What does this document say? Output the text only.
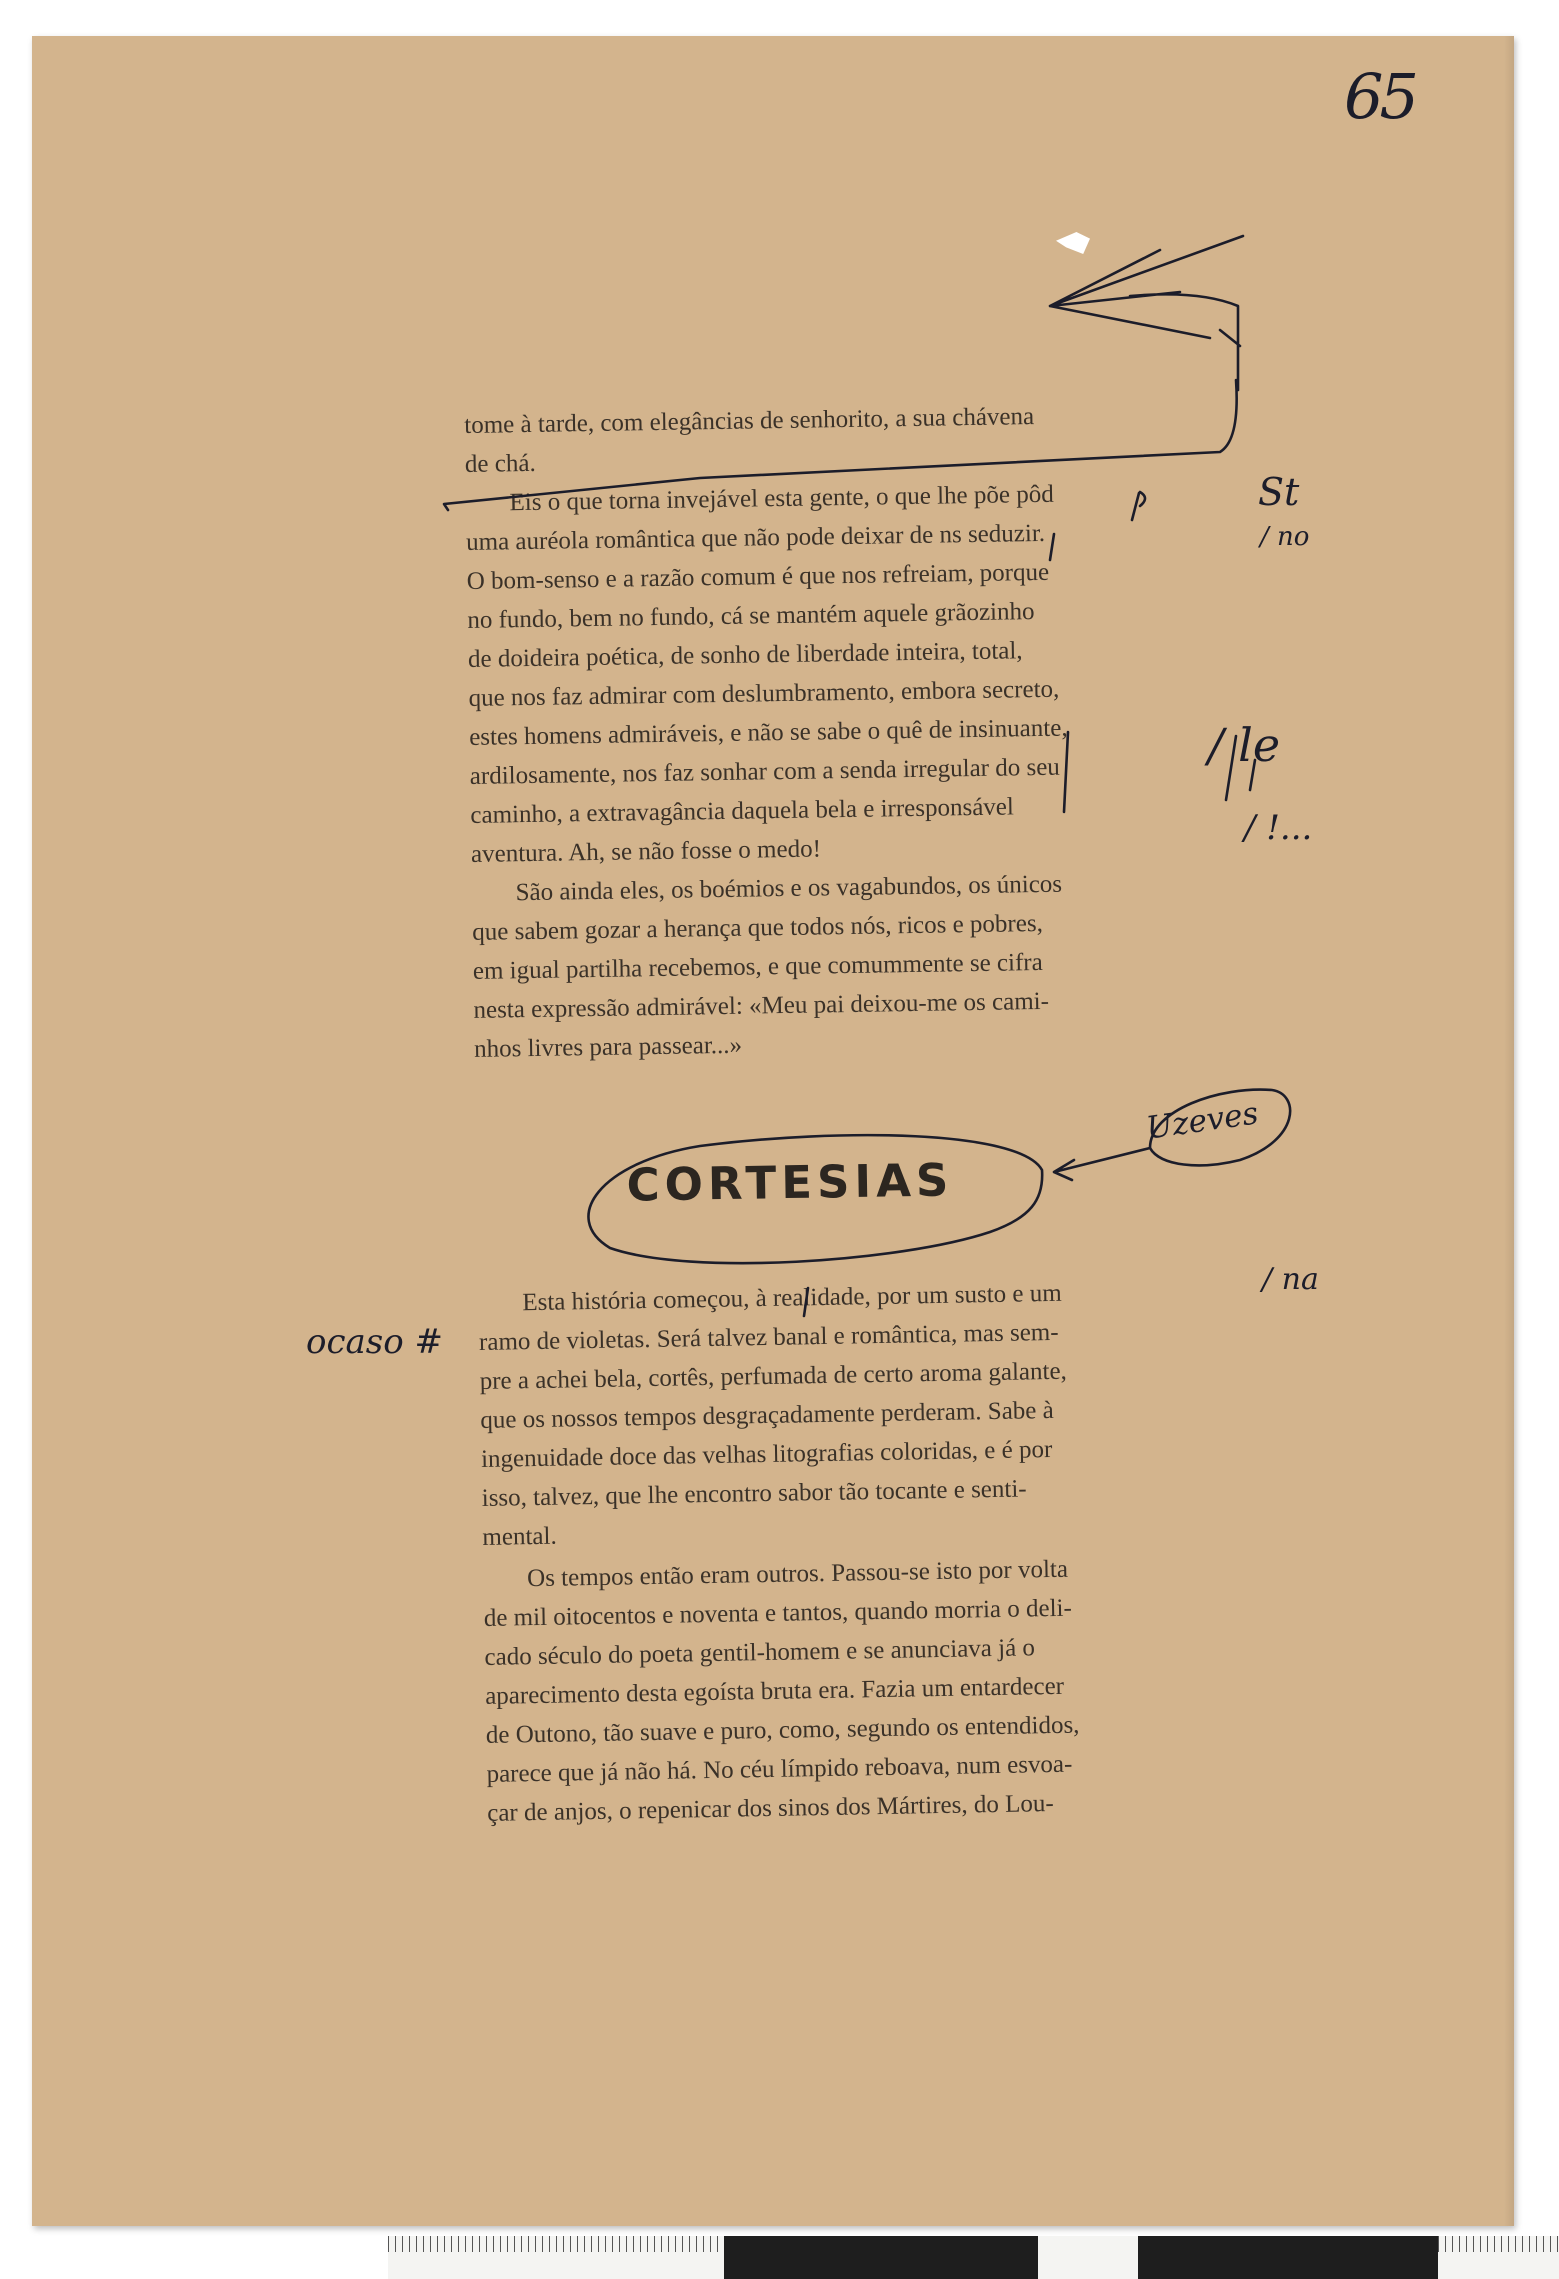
65

tome à tarde, com elegâncias de senhorito, a sua chávena
de chá.

Eis o que torna invejável esta gente, o que lhe põe pôd
uma auréola romântica que não pode deixar de ns seduzir.
O bom-senso e a razão comum é que nos refreiam, porque
no fundo, bem no fundo, cá se mantém aquele grãozinho
de doideira poética, de sonho de liberdade inteira, total,
que nos faz admirar com deslumbramento, embora secreto,
estes homens admiráveis, e não se sabe o quê de insinuante,
ardilosamente, nos faz sonhar com a senda irregular do seu
caminho, a extravagância daquela bela e irresponsável
aventura. Ah, se não fosse o medo!

São ainda eles, os boémios e os vagabundos, os únicos
que sabem gozar a herança que todos nós, ricos e pobres,
em igual partilha recebemos, e que comummente se cifra
nesta expressão admirável: «Meu pai deixou-me os cami-
nhos livres para passear...»

CORTESIAS

Esta história começou, à realidade, por um susto e um
ramo de violetas. Será talvez banal e romântica, mas sem-
pre a achei bela, cortês, perfumada de certo aroma galante,
que os nossos tempos desgraçadamente perderam. Sabe à
ingenuidade doce das velhas litografias coloridas, e é por
isso, talvez, que lhe encontro sabor tão tocante e senti-
mental.

Os tempos então eram outros. Passou-se isto por volta
de mil oitocentos e noventa e tantos, quando morria o deli-
cado século do poeta gentil-homem e se anunciava já o
aparecimento desta egoísta bruta era. Fazia um entardecer
de Outono, tão suave e puro, como, segundo os entendidos,
parece que já não há. No céu límpido reboava, num esvoa-
çar de anjos, o repenicar dos sinos dos Mártires, do Lou-

St
/ no
/ le
/ !...
Uzeves
/ na
ocaso #
